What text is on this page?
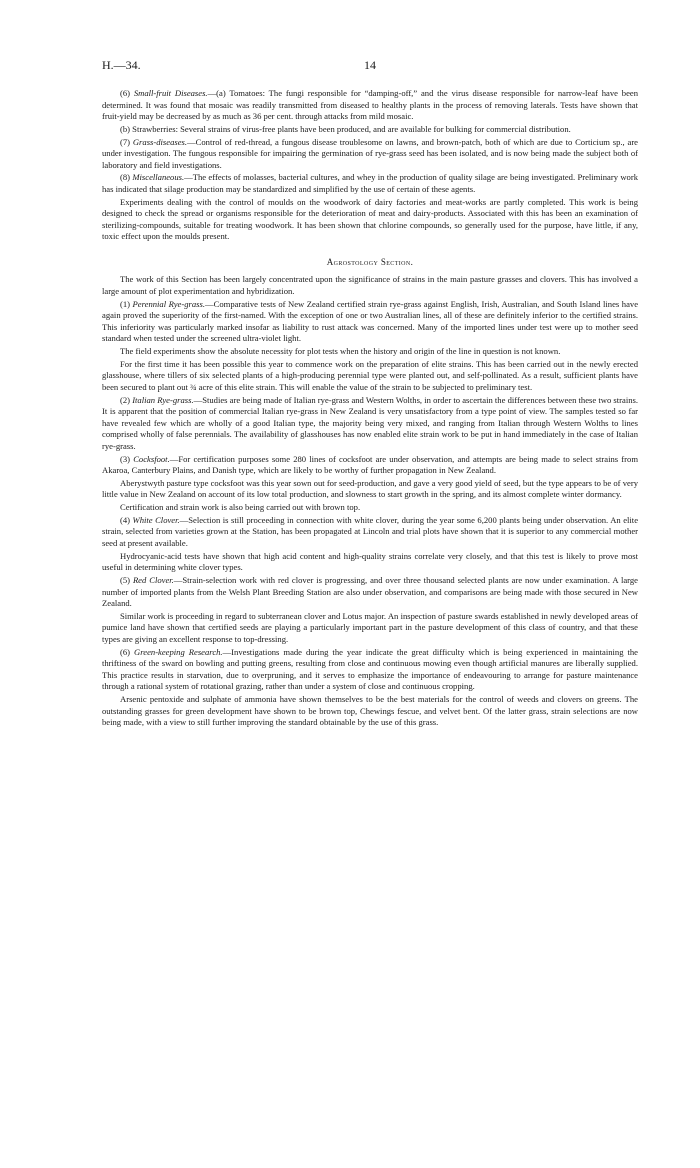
H.—34.	14

(6) Small-fruit Diseases.—(a) Tomatoes: The fungi responsible for “damping-off,” and the virus disease responsible for narrow-leaf have been determined. It was found that mosaic was readily transmitted from diseased to healthy plants in the process of removing laterals. Tests have shown that fruit-yield may be decreased by as much as 36 per cent. through attacks from mild mosaic.

(b) Strawberries: Several strains of virus-free plants have been produced, and are available for bulking for commercial distribution.

(7) Grass-diseases.—Control of red-thread, a fungous disease troublesome on lawns, and brown-patch, both of which are due to Corticium sp., are under investigation. The fungous responsible for impairing the germination of rye-grass seed has been isolated, and is now being made the subject both of laboratory and field investigations.

(8) Miscellaneous.—The effects of molasses, bacterial cultures, and whey in the production of quality silage are being investigated. Preliminary work has indicated that silage production may be standardized and simplified by the use of certain of these agents.

Experiments dealing with the control of moulds on the woodwork of dairy factories and meat-works are partly completed. This work is being designed to check the spread or organisms responsible for the deterioration of meat and dairy-products. Associated with this has been an examination of sterilizing-compounds, suitable for treating woodwork. It has been shown that chlorine compounds, so generally used for the purpose, have little, if any, toxic effect upon the moulds present.

Agrostology Section.

The work of this Section has been largely concentrated upon the significance of strains in the main pasture grasses and clovers. This has involved a large amount of plot experimentation and hybridization.

(1) Perennial Rye-grass.—Comparative tests of New Zealand certified strain rye-grass against English, Irish, Australian, and South Island lines have again proved the superiority of the first-named. With the exception of one or two Australian lines, all of these are definitely inferior to the certified strains. This inferiority was particularly marked insofar as liability to rust attack was concerned. Many of the imported lines under test were up to mother seed standard when tested under the screened ultra-violet light.

The field experiments show the absolute necessity for plot tests when the history and origin of the line in question is not known.

For the first time it has been possible this year to commence work on the preparation of elite strains. This has been carried out in the newly erected glasshouse, where tillers of six selected plants of a high-producing perennial type were planted out, and self-pollinated. As a result, sufficient plants have been secured to plant out ¾ acre of this elite strain. This will enable the value of the strain to be subjected to preliminary test.

(2) Italian Rye-grass.—Studies are being made of Italian rye-grass and Western Wolths, in order to ascertain the differences between these two strains. It is apparent that the position of commercial Italian rye-grass in New Zealand is very unsatisfactory from a type point of view. The samples tested so far have revealed few which are wholly of a good Italian type, the majority being very mixed, and ranging from Italian through Western Wolths to lines comprised wholly of false perennials. The availability of glasshouses has now enabled elite strain work to be put in hand immediately in the case of Italian rye-grass.

(3) Cocksfoot.—For certification purposes some 280 lines of cocksfoot are under observation, and attempts are being made to select strains from Akaroa, Canterbury Plains, and Danish type, which are likely to be worthy of further propagation in New Zealand.

Aberystwyth pasture type cocksfoot was this year sown out for seed-production, and gave a very good yield of seed, but the type appears to be of very little value in New Zealand on account of its low total production, and slowness to start growth in the spring, and its almost complete winter dormancy.

Certification and strain work is also being carried out with brown top.

(4) White Clover.—Selection is still proceeding in connection with white clover, during the year some 6,200 plants being under observation. An elite strain, selected from varieties grown at the Station, has been propagated at Lincoln and trial plots have shown that it is superior to any commercial mother seed at present available.

Hydrocyanic-acid tests have shown that high acid content and high-quality strains correlate very closely, and that this test is likely to prove most useful in determining white clover types.

(5) Red Clover.—Strain-selection work with red clover is progressing, and over three thousand selected plants are now under examination. A large number of imported plants from the Welsh Plant Breeding Station are also under observation, and comparisons are being made with those secured in New Zealand.

Similar work is proceeding in regard to subterranean clover and Lotus major. An inspection of pasture swards established in newly developed areas of pumice land have shown that certified seeds are playing a particularly important part in the pasture development of this class of country, and that these types are giving an excellent response to top-dressing.

(6) Green-keeping Research.—Investigations made during the year indicate the great difficulty which is being experienced in maintaining the thriftiness of the sward on bowling and putting greens, resulting from close and continuous mowing even though artificial manures are liberally supplied. This practice results in starvation, due to overpruning, and it serves to emphasize the importance of endeavouring to arrange for pasture maintenance through a rational system of rotational grazing, rather than under a system of close and continuous cropping.

Arsenic pentoxide and sulphate of ammonia have shown themselves to be the best materials for the control of weeds and clovers on greens. The outstanding grasses for green development have shown to be brown top, Chewings fescue, and velvet bent. Of the latter grass, strain selections are now being made, with a view to still further improving the standard obtainable by the use of this grass.
